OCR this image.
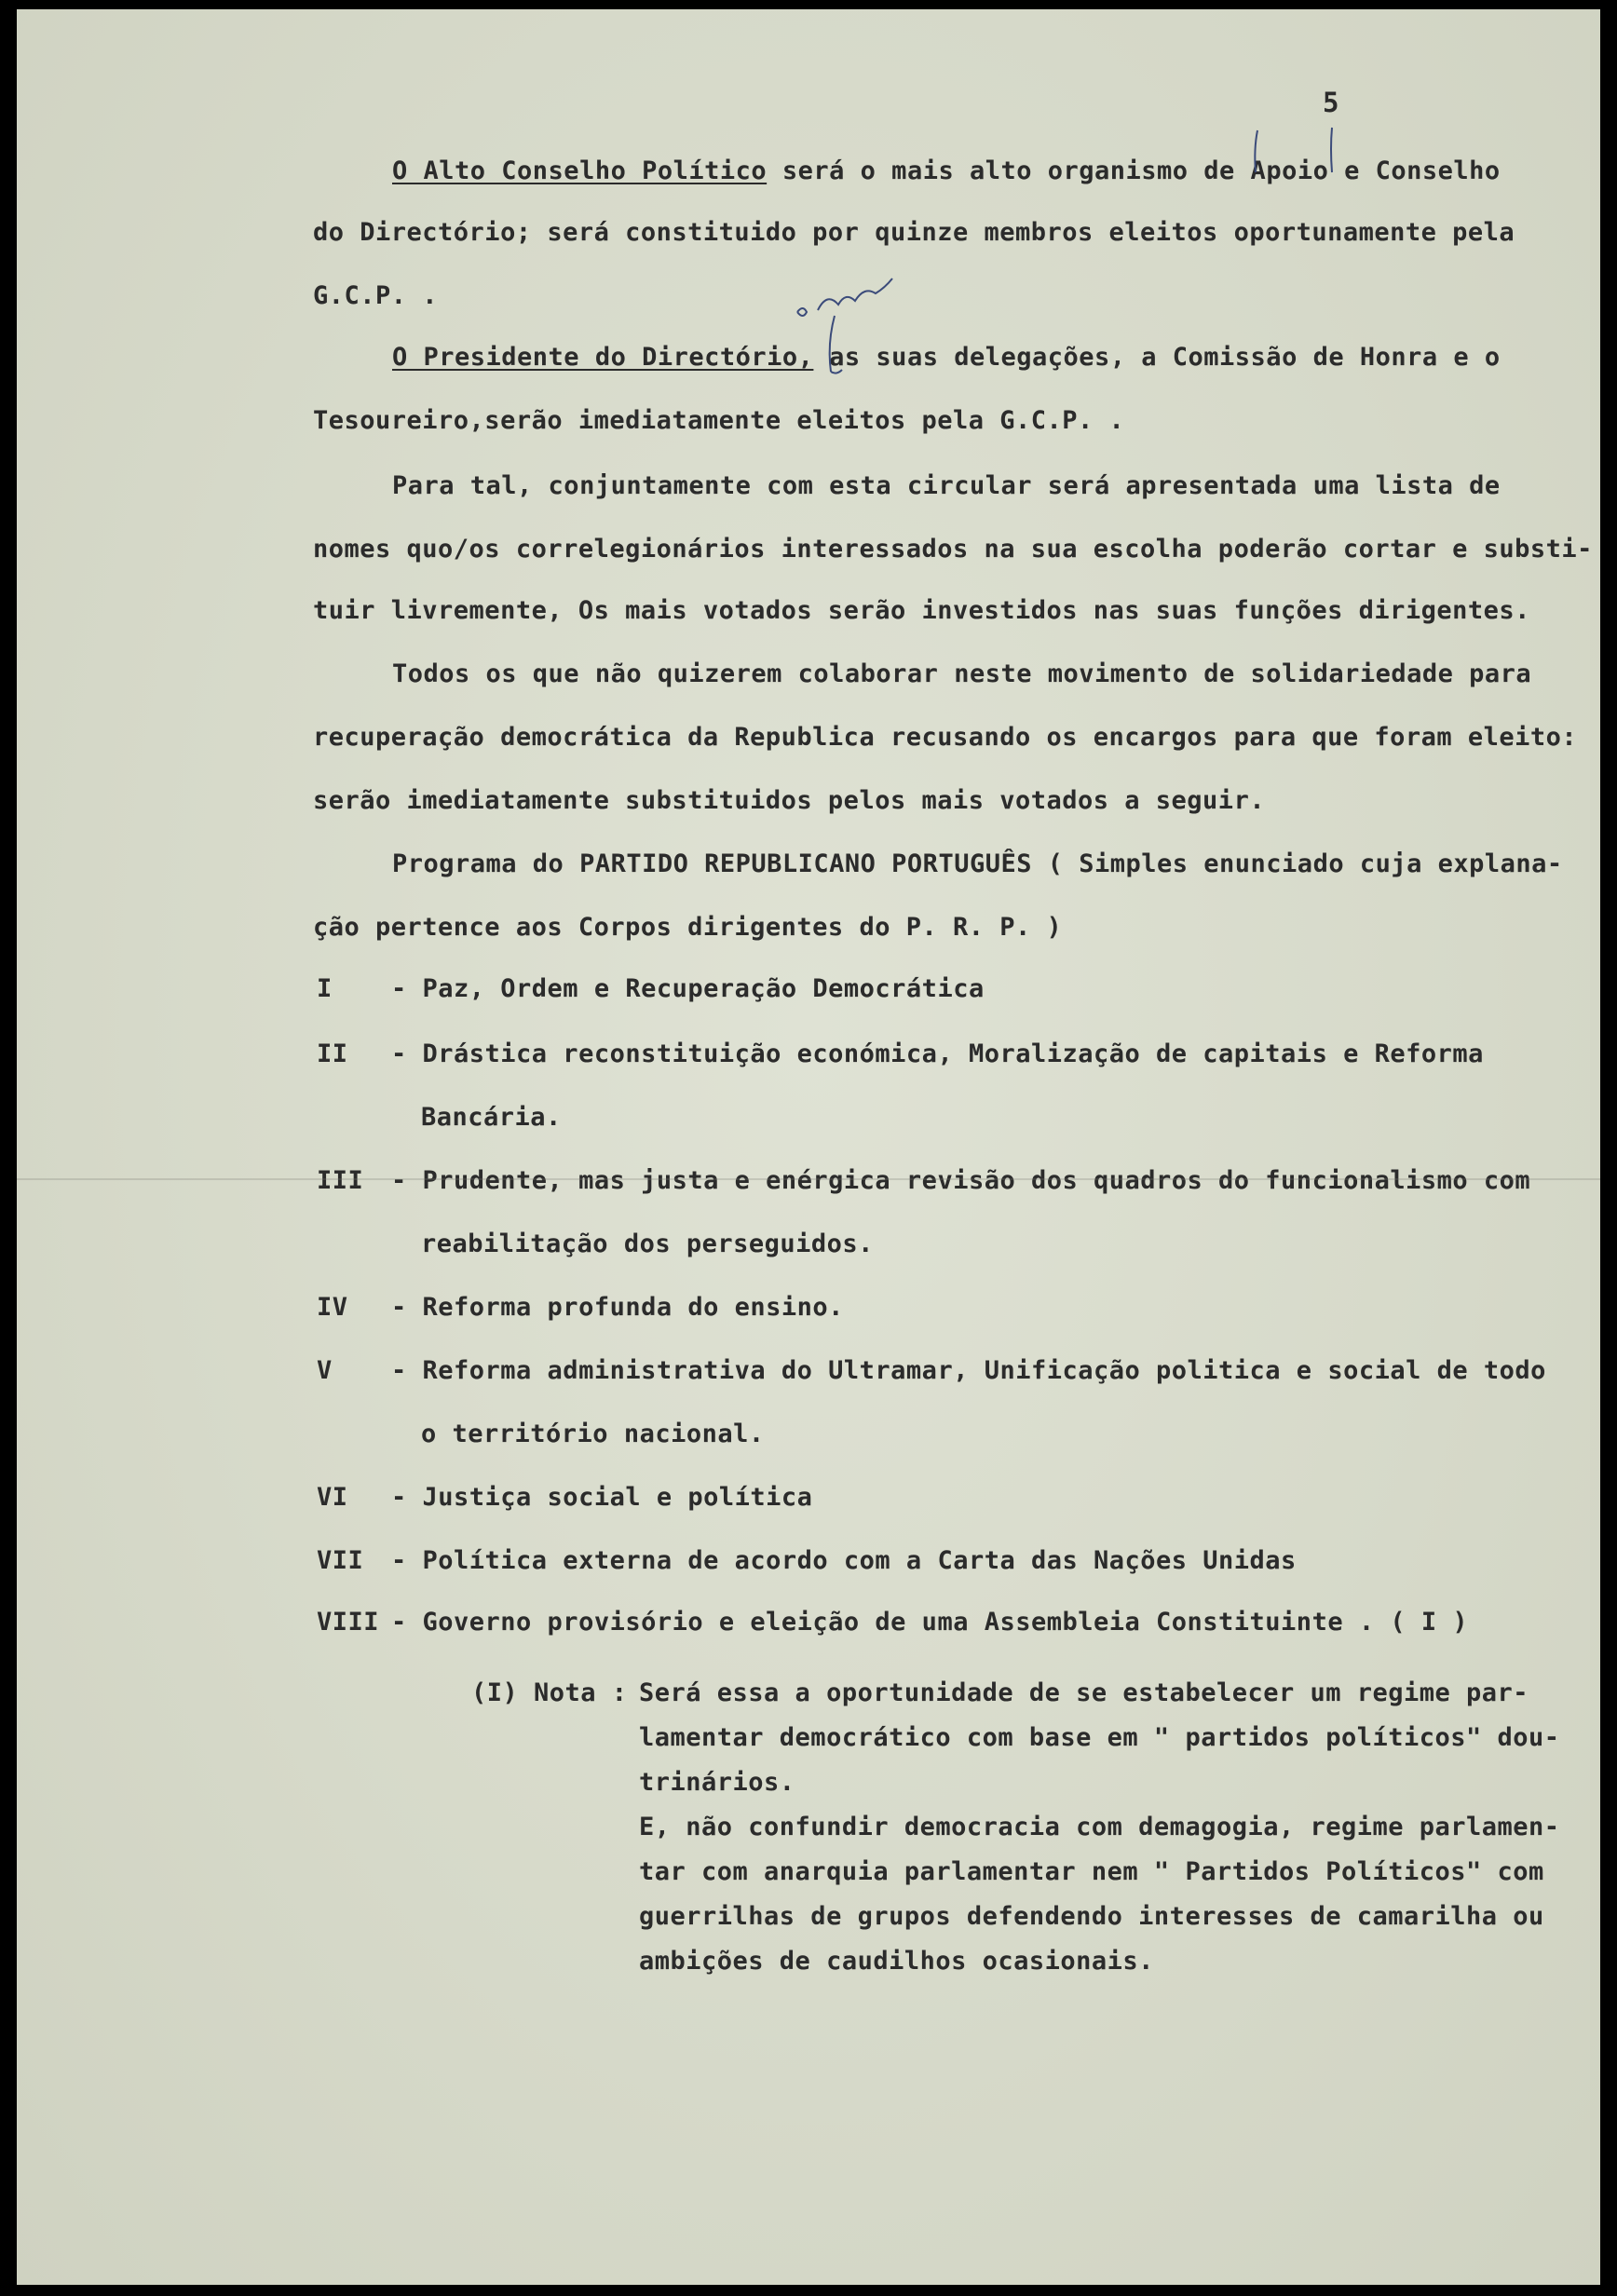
5
O Alto Conselho Político será o mais alto organismo de Apoio e Conselho
do Directório; será constituido por quinze membros eleitos oportunamente pela
G.C.P. .
O Presidente do Directório, as suas delegações, a Comissão de Honra e o
Tesoureiro,serão imediatamente eleitos pela G.C.P. .
Para tal, conjuntamente com esta circular será apresentada uma lista de
nomes quo/os correlegionários interessados na sua escolha poderão cortar e substi-
tuir livremente, Os mais votados serão investidos nas suas funções dirigentes.
Todos os que não quizerem colaborar neste movimento de solidariedade para
recuperação democrática da Republica recusando os encargos para que foram eleito:
serão imediatamente substituidos pelos mais votados a seguir.
Programa do PARTIDO REPUBLICANO PORTUGUÊS ( Simples enunciado cuja explana-
ção pertence aos Corpos dirigentes do P. R. P. )
I	- Paz, Ordem e Recuperação Democrática
II	- Drástica reconstituição económica, Moralização de capitais e Reforma
Bancária.
III	- Prudente, mas justa e enérgica revisão dos quadros do funcionalismo com
reabilitação dos perseguidos.
IV	- Reforma profunda do ensino.
V	- Reforma administrativa do Ultramar, Unificação politica e social de todo
o território nacional.
VI	- Justiça social e política
VII	- Política externa de acordo com a Carta das Nações Unidas
VIII - Governo provisório e eleição de uma Assembleia Constituinte . ( I )
(I) Nota : Será essa a oportunidade de se estabelecer um regime par-
lamentar democrático com base em " partidos políticos" dou-
trinários.
E, não confundir democracia com demagogia, regime parlamen-
tar com anarquia parlamentar nem " Partidos Políticos" com
guerrilhas de grupos defendendo interesses de camarilha ou
ambições de caudilhos ocasionais.
